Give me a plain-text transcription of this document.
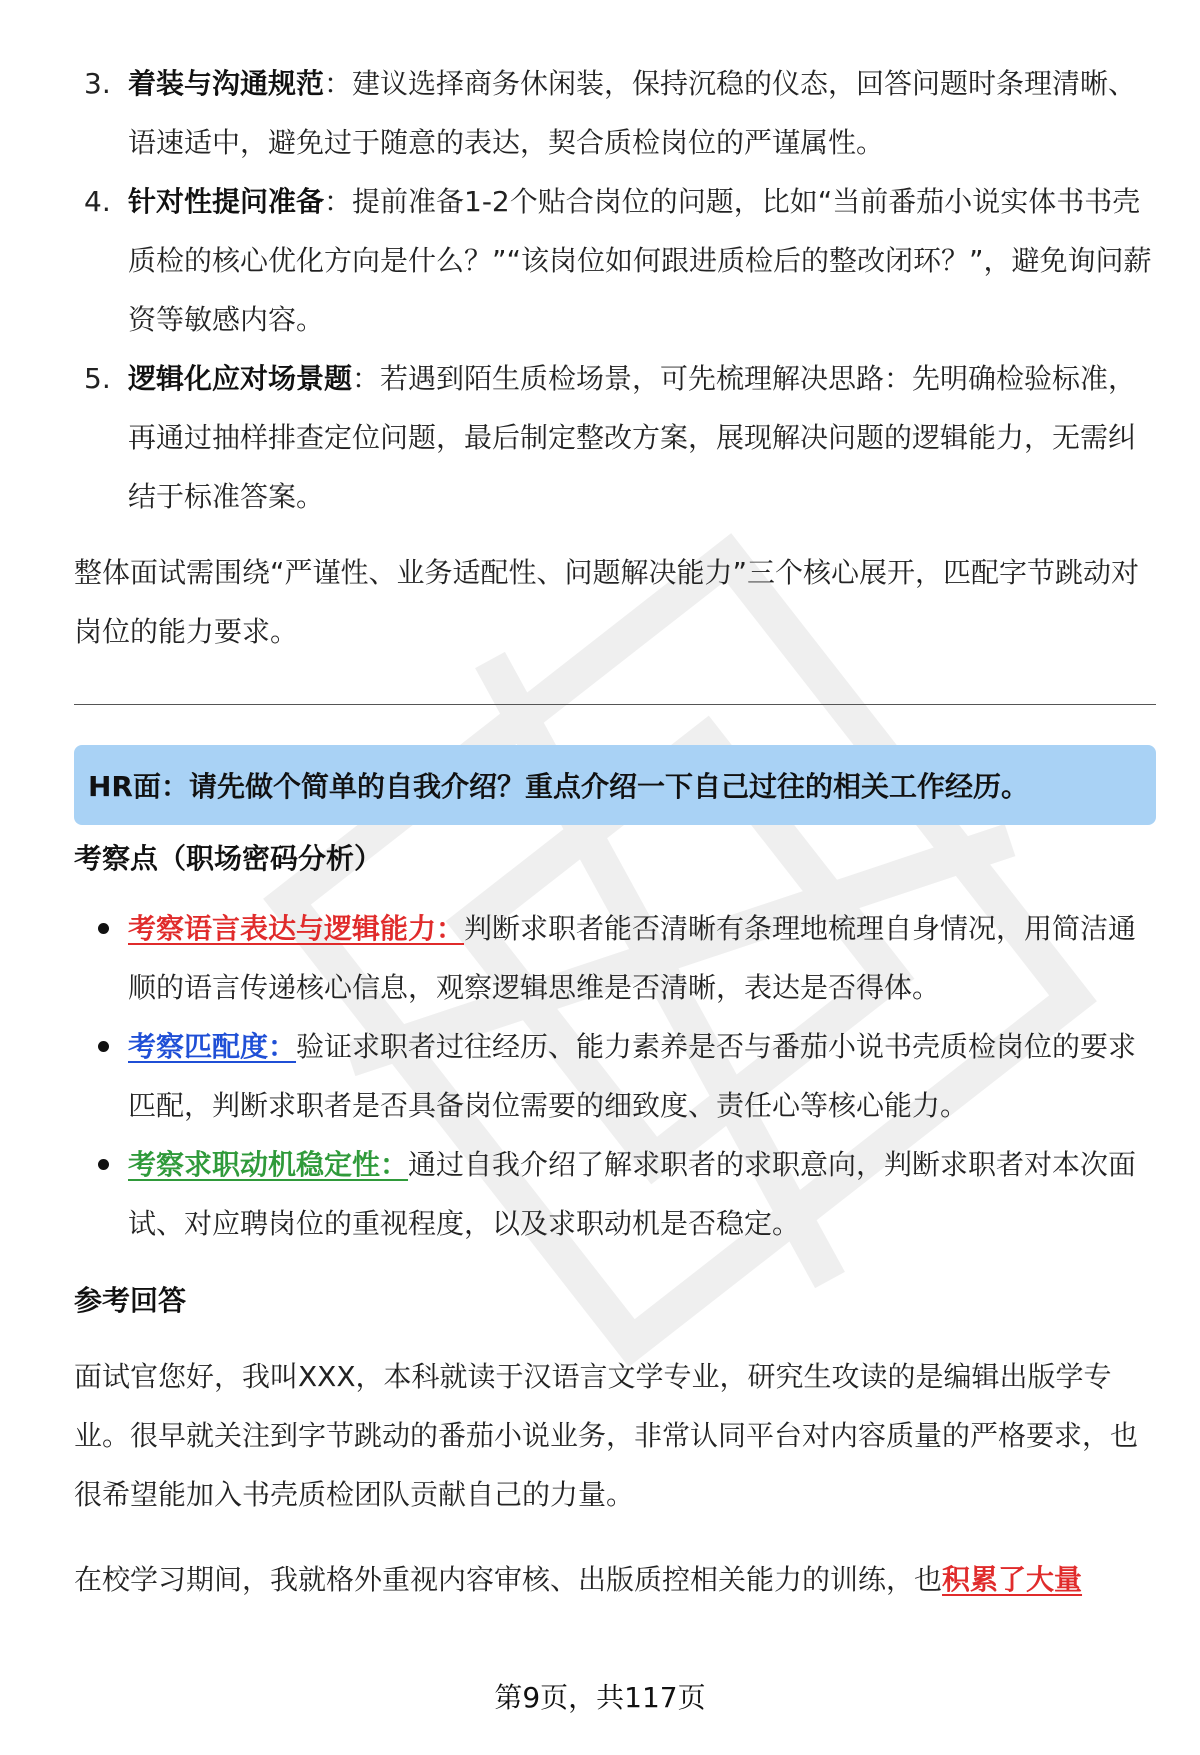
3. 着装与沟通规范：建议选择商务休闲装，保持沉稳的仪态，回答问题时条理清晰、语速适中，避免过于随意的表达，契合质检岗位的严谨属性。
4. 针对性提问准备：提前准备1-2个贴合岗位的问题，比如“当前番茄小说实体书书壳质检的核心优化方向是什么？”“该岗位如何跟进质检后的整改闭环？”，避免询问薪资等敏感内容。
5. 逻辑化应对场景题：若遇到陌生质检场景，可先梳理解决思路：先明确检验标准，再通过抽样排查定位问题，最后制定整改方案，展现解决问题的逻辑能力，无需纠结于标准答案。

整体面试需围绕“严谨性、业务适配性、问题解决能力”三个核心展开，匹配字节跳动对岗位的能力要求。

HR面：请先做个简单的自我介绍？重点介绍一下自己过往的相关工作经历。
考察点（职场密码分析）
考察语言表达与逻辑能力：判断求职者能否清晰有条理地梳理自身情况，用简洁通顺的语言传递核心信息，观察逻辑思维是否清晰，表达是否得体。
考察匹配度：验证求职者过往经历、能力素养是否与番茄小说书壳质检岗位的要求匹配，判断求职者是否具备岗位需要的细致度、责任心等核心能力。
考察求职动机稳定性：通过自我介绍了解求职者的求职意向，判断求职者对本次面试、对应聘岗位的重视程度，以及求职动机是否稳定。
参考回答

面试官您好，我叫XXX，本科就读于汉语言文学专业，研究生攻读的是编辑出版学专业。很早就关注到字节跳动的番茄小说业务，非常认同平台对内容质量的严格要求，也很希望能加入书壳质检团队贡献自己的力量。

在校学习期间，我就格外重视内容审核、出版质控相关能力的训练，也积累了大量

第9页，共117页
